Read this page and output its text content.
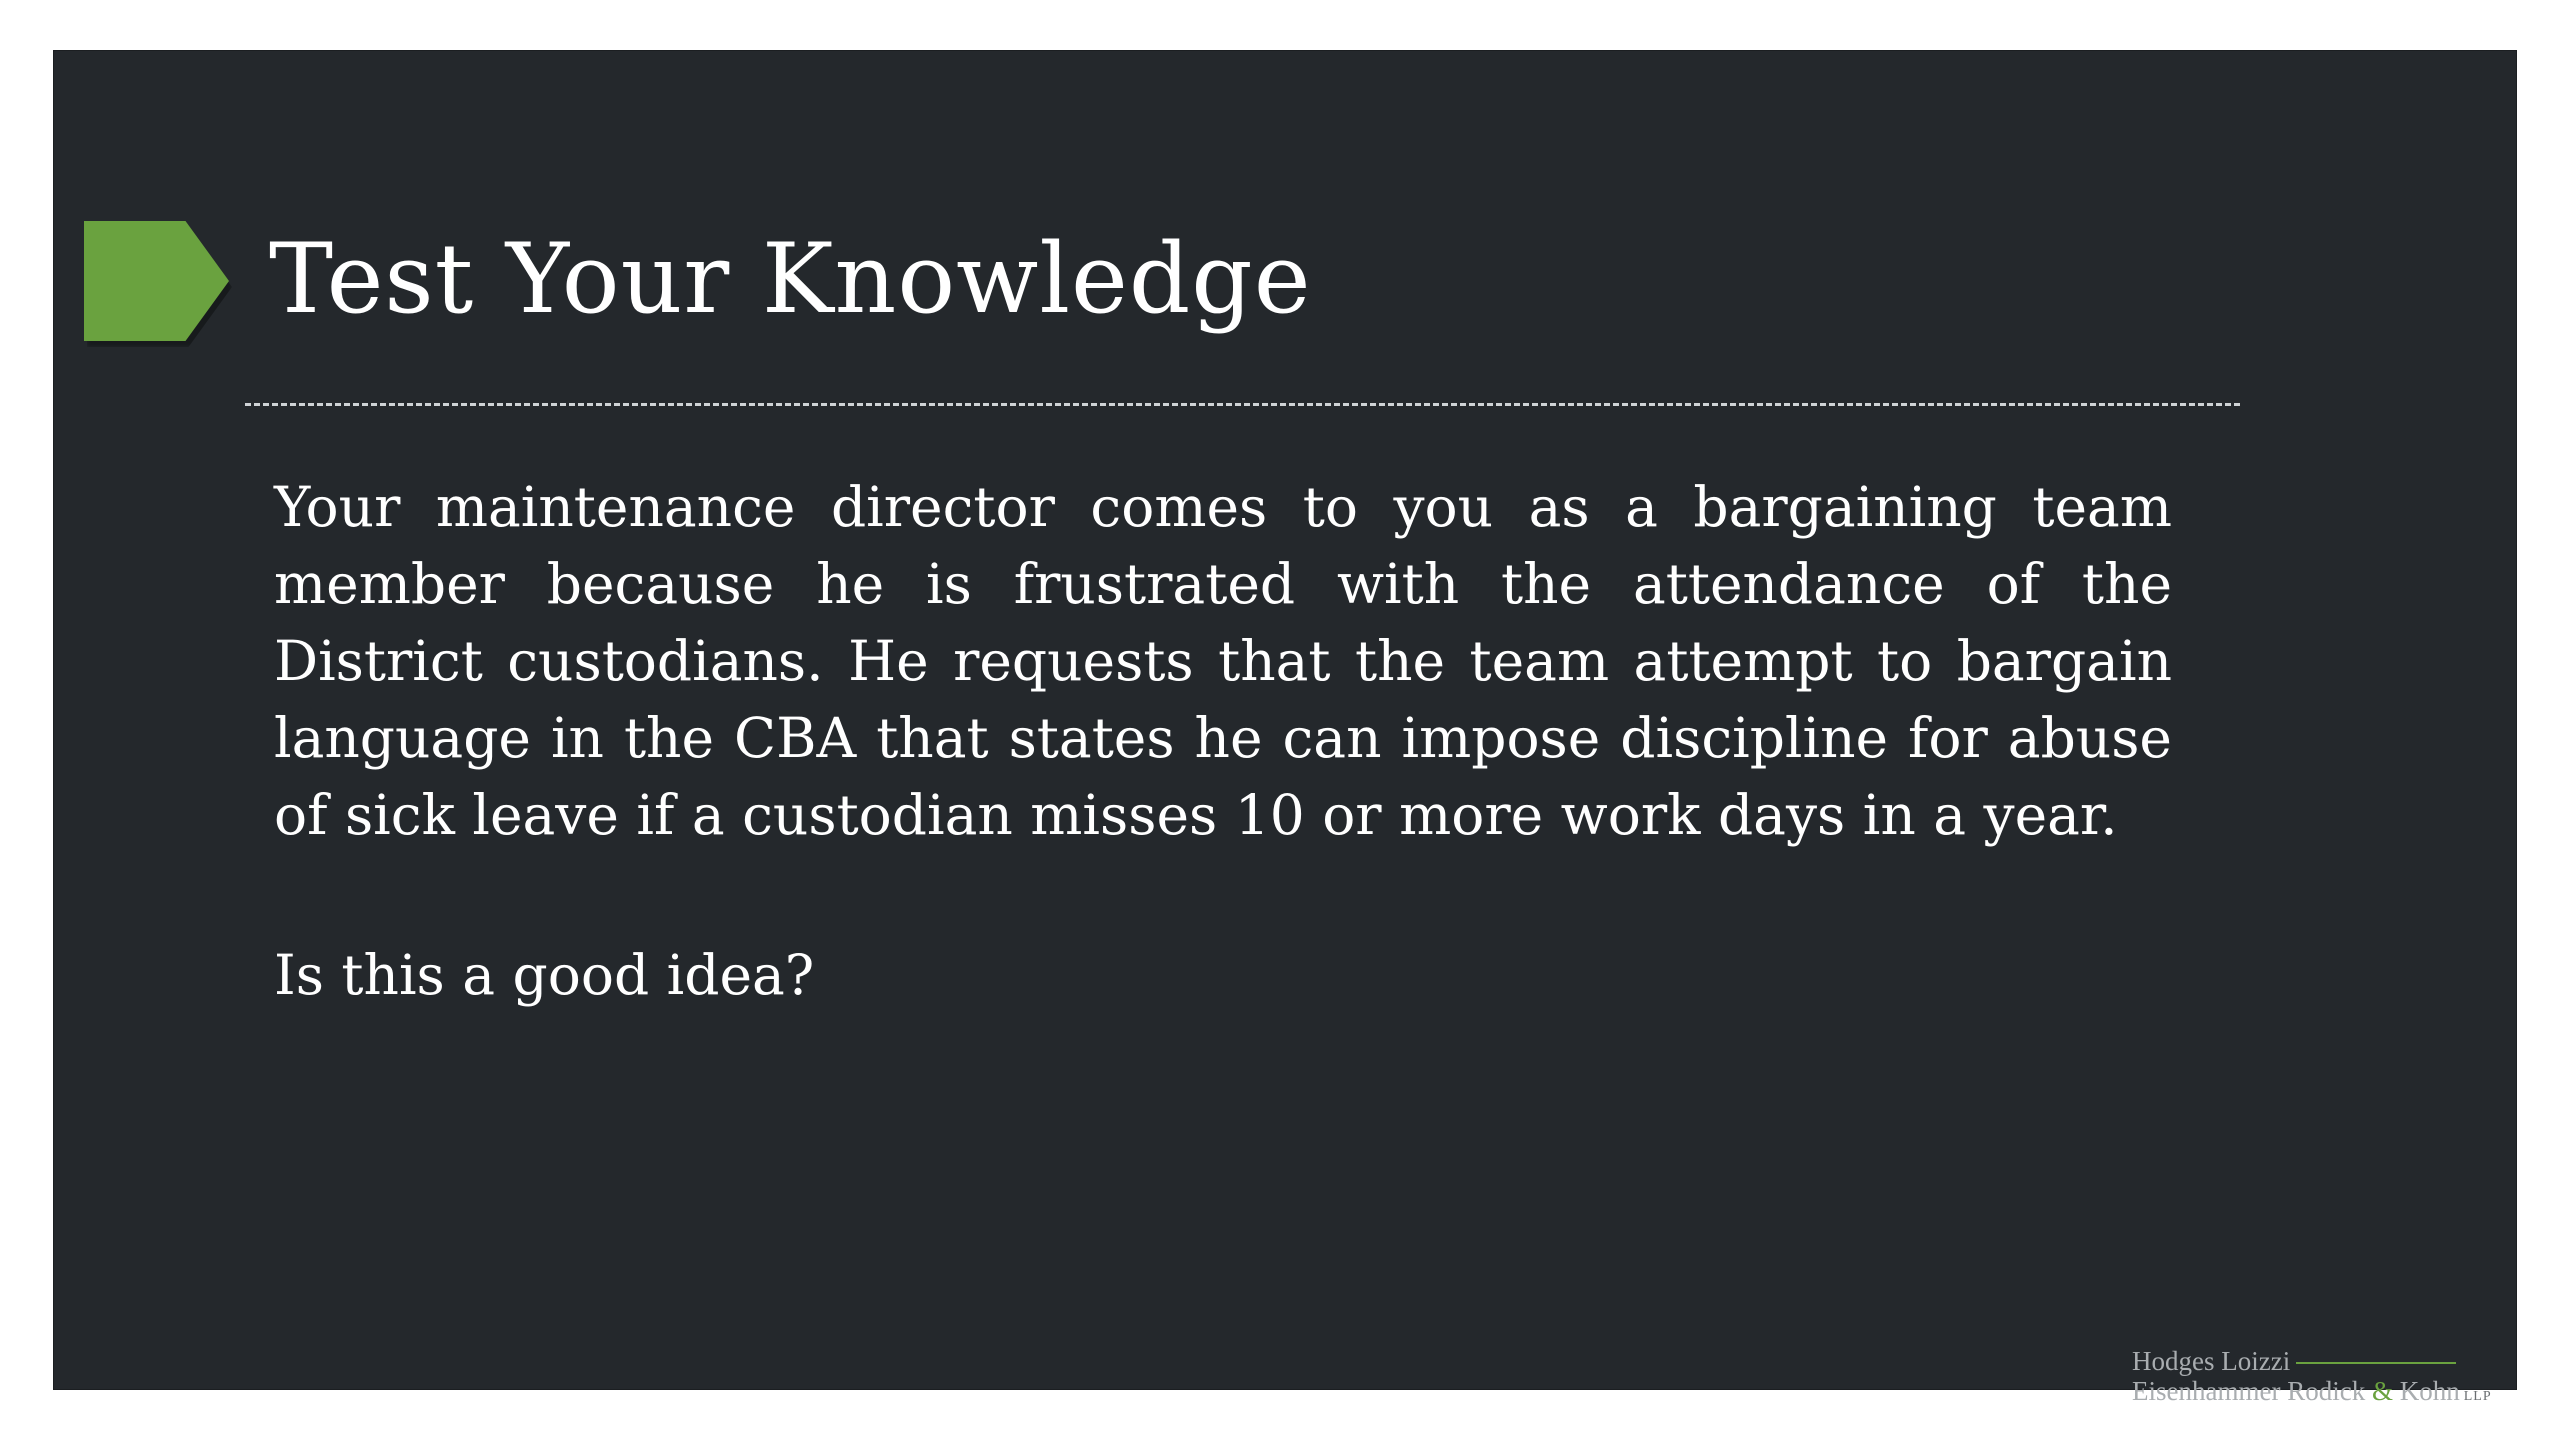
Test Your Knowledge

Your maintenance director comes to you as a bargaining team member because he is frustrated with the attendance of the District custodians. He requests that the team attempt to bargain language in the CBA that states he can impose discipline for abuse of sick leave if a custodian misses 10 or more work days in a year.

Is this a good idea?

Hodges Loizzi
Eisenhammer Rodick & Kohn LLP
